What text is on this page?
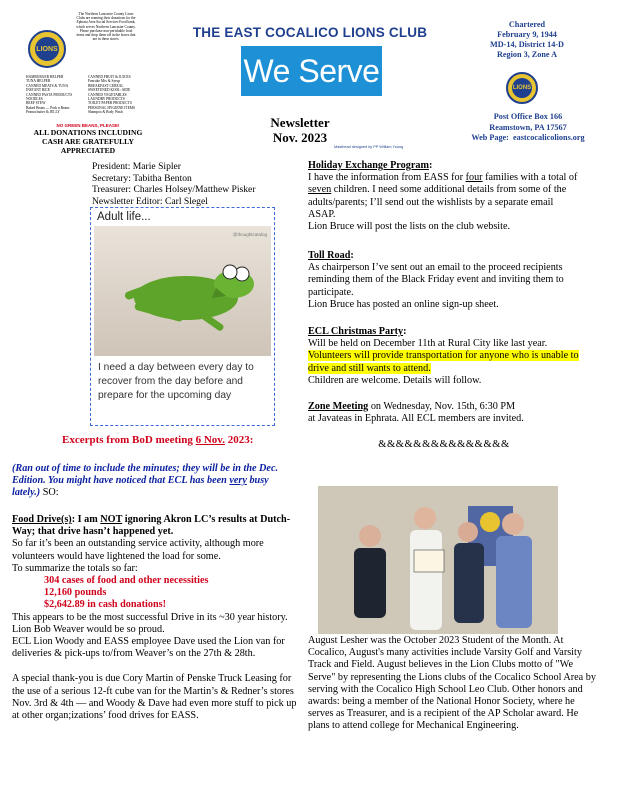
LIONS
The Northern Lancaster County Lions Clubs are teaming their donations for the Ephrata Area Social Services Food bank, which serves Northern Lancaster County. Please purchase non-perishable food items and drop them off in the boxes that are in these stores.
HAMBURGER HELPER
TUNA HELPER
CANNED MEATS & TUNA
INSTANT RICE
CANNED PASTA PRODUCTS
NOODLES
BEEF STEW
Baked Beans — Pork n Beans
Peanut butter & JELLY
CANNED FRUIT & JUICES
Pancake Mix & Syrup
BREAKFAST CEREAL
SWEETENED KOOL-AIDE
CANNED VEGETABLES
LAUNDRY PRODUCTS
TOILET PAPER PRODUCTS
PERSONAL HYGIENE ITEMS
Shampoo & Body Wash
NO GREEN BEANS, PLEASE!
ALL DONATIONS INCLUDING
CASH ARE GRATEFULLY
APPRECIATED
THE EAST COCALICO LIONS CLUB
We Serve
Newsletter
Nov. 2023
Masthead designed by PP William Young
Chartered
February 9, 1944
MD-14, District 14-D
Region 3, Zone A
LIONS
Post Office Box 166
Reamstown, PA 17567
Web Page: eastcocalicolions.org
President: Marie Sipler
Secretary: Tabitha Benton
Treasurer: Charles Holsey/Matthew Pisker
Newsletter Editor: Carl Slegel
Adult life...
@thoughtcatalog
I need a day between every day to recover from the day before and prepare for the upcoming day
Excerpts from BoD meeting 6 Nov. 2023:
(Ran out of time to include the minutes; they will be in the Dec. Edition. You might have noticed that ECL has been very busy lately.) SO:
Food Drive(s): I am NOT ignoring Akron LC’s results at Dutch-Way; that drive hasn’t happened yet.
So far it’s been an outstanding service activity, although more volunteers would have lightened the load for some.
To summarize the totals so far:
304 cases of food and other necessities
12,160 pounds
$2,642.89 in cash donations!
This appears to be the most successful Drive in its ~30 year history. Lion Bob Weaver would be so proud.
ECL Lion Woody and EASS employee Dave used the Lion van for deliveries & pick-ups to/from Weaver’s on the 27th & 28th.
A special thank-you is due Cory Martin of Penske Truck Leasing for the use of a serious 12-ft cube van for the Martin’s & Redner’s stores Nov. 3rd & 4th — and Woody & Dave had even more stuff to pick up at other organ;izations’ food drives for EASS.
Holiday Exchange Program:
I have the information from EASS for four families with a total of seven children. I need some additional details from some of the adults/parents; I’ll send out the wishlists by a separate email ASAP.
Lion Bruce will post the lists on the club website.
Toll Road:
As chairperson I’ve sent out an email to the proceed recipients reminding them of the Black Friday event and inviting them to participate.
Lion Bruce has posted an online sign-up sheet.
ECL Christmas Party:
Will be held on December 11th at Rural City like last year.
Volunteers will provide transportation for anyone who is unable to drive and still wants to attend.
Children are welcome. Details will follow.
Zone Meeting on Wednesday, Nov. 15th, 6:30 PM
at Javateas in Ephrata. All ECL members are invited.
&&&&&&&&&&&&&&&
August Lesher was the October 2023 Student of the Month. At Cocalico, August's many activities include Varsity Golf and Varsity Track and Field. August believes in the Lion Clubs motto of "We Serve" by representing the Lions clubs of the Cocalico School Area by serving with the Cocalico High School Leo Club. Other honors and awards: being a member of the National Honor Society, where he serves as Treasurer, and is a recipient of the AP Scholar award. He plans to attend college for Mechanical Engineering.
